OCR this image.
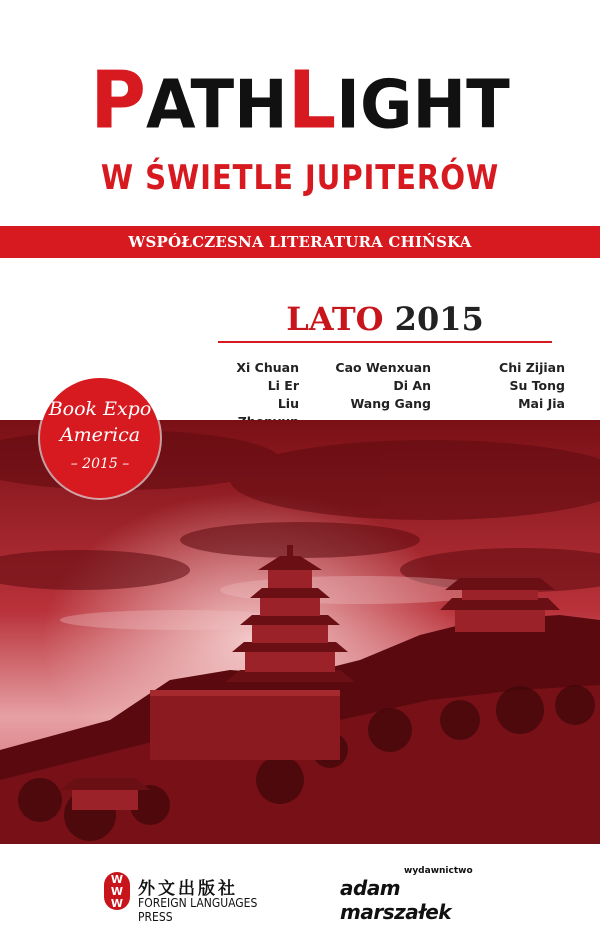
PATHLIGHT
W ŚWIETLE JUPITERÓW
WSPÓŁCZESNA LITERATURA CHIŃSKA
LATO 2015
Xi Chuan
Li Er
Liu
Cao Wenxuan
Di An
Wang Gang
Chi Zijian
Su Tong
Mai Jia
Book Expo
America
– 2015 –
W
W
W
外文出版社
FOREIGN LANGUAGES PRESS
wydawnictwo
adam marszałek
